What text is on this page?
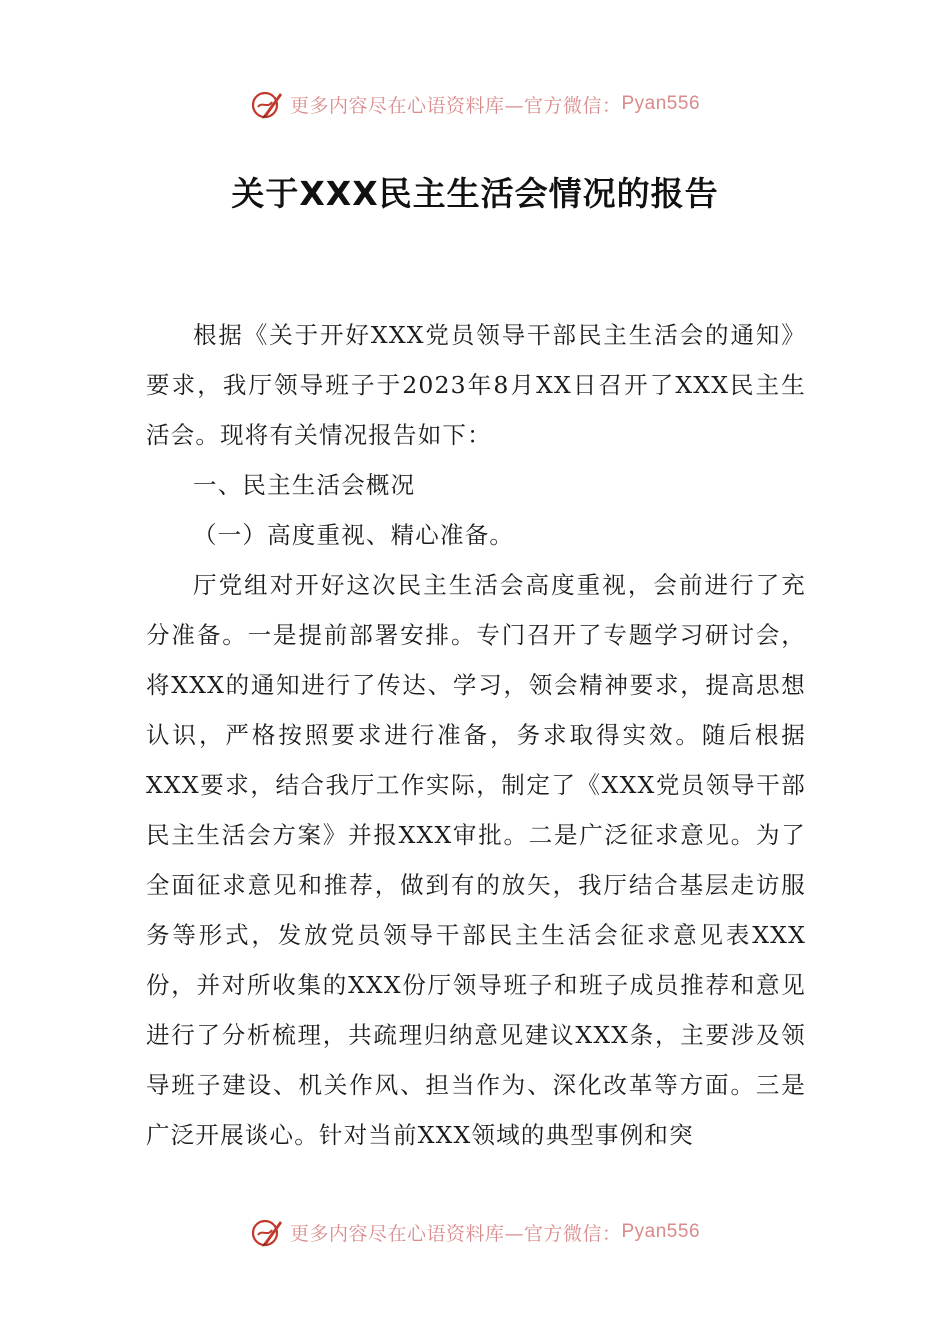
更多内容尽在心语资料库—官方微信： Pyan556
关于XXX民主生活会情况的报告

根据《关于开好XXX党员领导干部民主生活会的通知》要求，我厅领导班子于2023年8月XX日召开了XXX民主生活会。现将有关情况报告如下：

一、民主生活会概况

（一）高度重视、精心准备。

厅党组对开好这次民主生活会高度重视，会前进行了充分准备。一是提前部署安排。专门召开了专题学习研讨会，将XXX的通知进行了传达、学习，领会精神要求，提高思想认识，严格按照要求进行准备，务求取得实效。随后根据XXX要求，结合我厅工作实际，制定了《XXX党员领导干部民主生活会方案》并报XXX审批。二是广泛征求意见。为了全面征求意见和推荐，做到有的放矢，我厅结合基层走访服务等形式，发放党员领导干部民主生活会征求意见表XXX份，并对所收集的XXX份厅领导班子和班子成员推荐和意见进行了分析梳理，共疏理归纳意见建议XXX条，主要涉及领导班子建设、机关作风、担当作为、深化改革等方面。三是广泛开展谈心。针对当前XXX领域的典型事例和突

更多内容尽在心语资料库—官方微信： Pyan556
